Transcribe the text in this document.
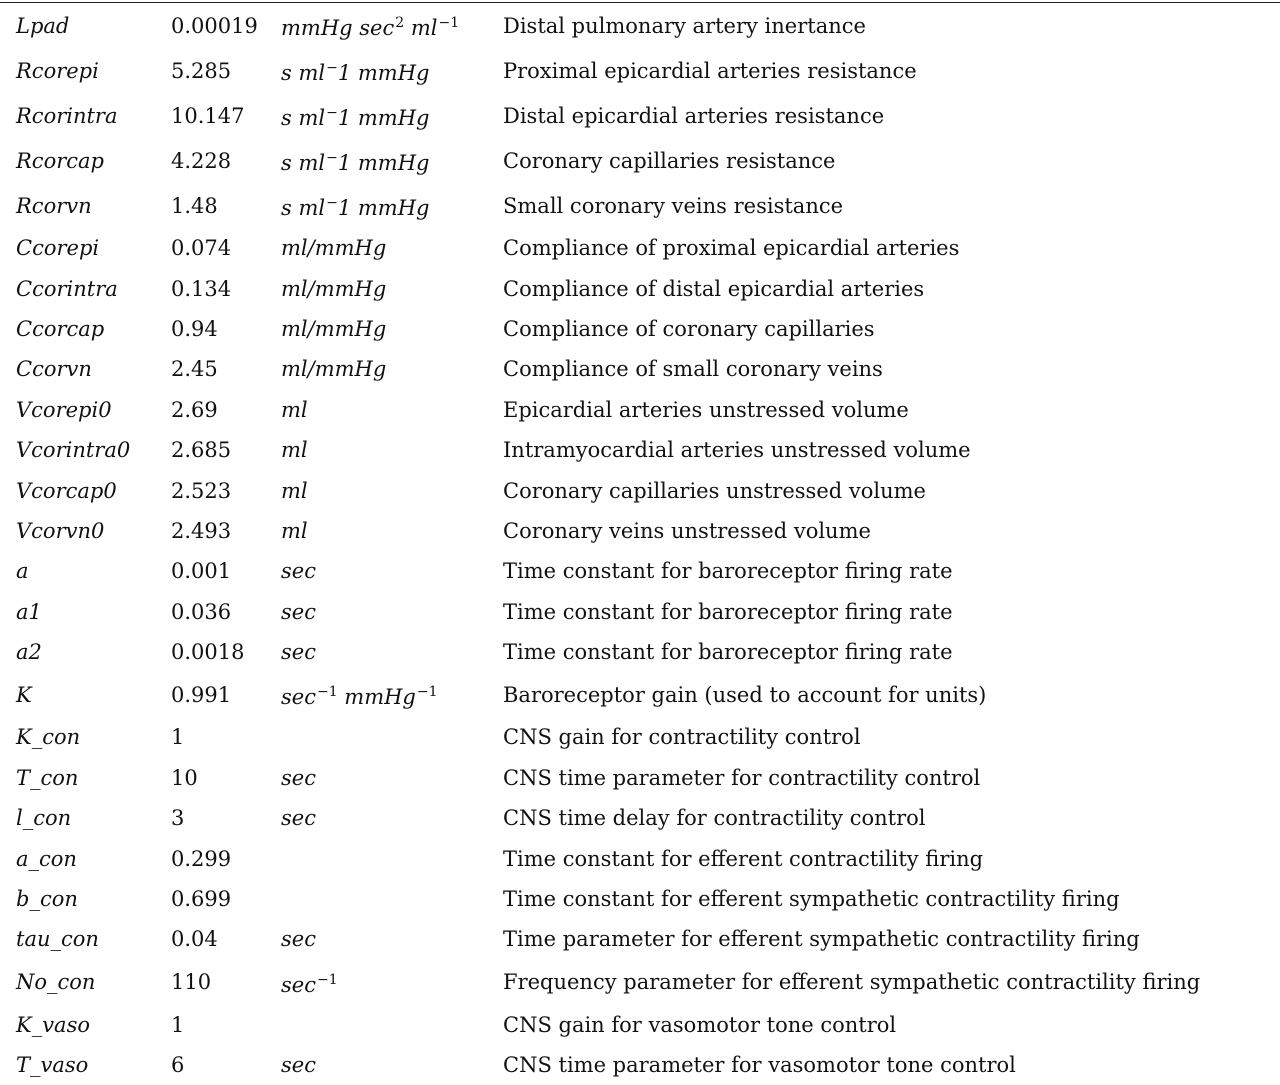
Lpad	0.00019	mmHg sec2 ml−1	Distal pulmonary artery inertance
Rcorepi	5.285	s ml−1 mmHg	Proximal epicardial arteries resistance
Rcorintra	10.147	s ml−1 mmHg	Distal epicardial arteries resistance
Rcorcap	4.228	s ml−1 mmHg	Coronary capillaries resistance
Rcorvn	1.48	s ml−1 mmHg	Small coronary veins resistance
Ccorepi	0.074	ml/mmHg	Compliance of proximal epicardial arteries
Ccorintra	0.134	ml/mmHg	Compliance of distal epicardial arteries
Ccorcap	0.94	ml/mmHg	Compliance of coronary capillaries
Ccorvn	2.45	ml/mmHg	Compliance of small coronary veins
Vcorepi0	2.69	ml	Epicardial arteries unstressed volume
Vcorintra0	2.685	ml	Intramyocardial arteries unstressed volume
Vcorcap0	2.523	ml	Coronary capillaries unstressed volume
Vcorvn0	2.493	ml	Coronary veins unstressed volume
a	0.001	sec	Time constant for baroreceptor firing rate
a1	0.036	sec	Time constant for baroreceptor firing rate
a2	0.0018	sec	Time constant for baroreceptor firing rate
K	0.991	sec−1 mmHg−1	Baroreceptor gain (used to account for units)
K_con	1		CNS gain for contractility control
T_con	10	sec	CNS time parameter for contractility control
l_con	3	sec	CNS time delay for contractility control
a_con	0.299		Time constant for efferent contractility firing
b_con	0.699		Time constant for efferent sympathetic contractility firing
tau_con	0.04	sec	Time parameter for efferent sympathetic contractility firing
No_con	110	sec−1	Frequency parameter for efferent sympathetic contractility firing
K_vaso	1		CNS gain for vasomotor tone control
T_vaso	6	sec	CNS time parameter for vasomotor tone control
